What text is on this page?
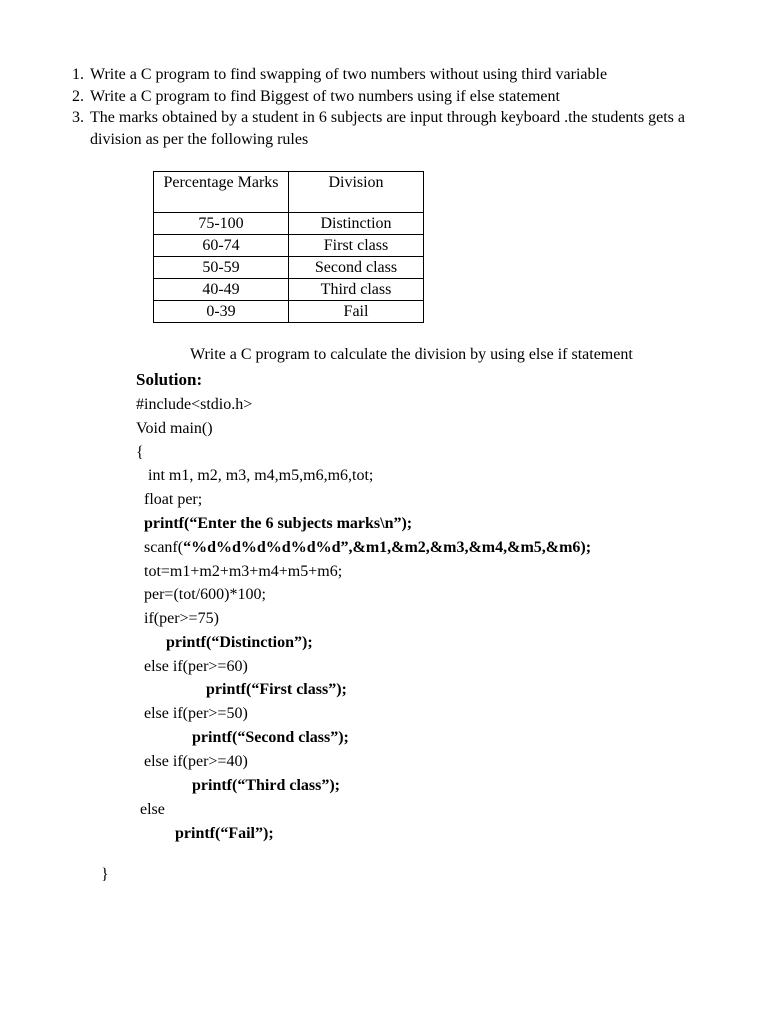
1. Write a C program to find swapping of two numbers without using third variable
2. Write a C program to find Biggest of two numbers using if else statement
3. The marks obtained by a student in 6 subjects are input through keyboard .the students gets a division as per the following rules
Percentage Marks	Division
75-100	Distinction
60-74	First class
50-59	Second class
40-49	Third class
0-39	Fail
Write a C program to calculate the division by using else if statement
Solution:
#include<stdio.h>
Void main()
{
int m1, m2, m3, m4,m5,m6,m6,tot;
float per;
printf(“Enter the 6 subjects marks\n”);
scanf(“%d%d%d%d%d%d”,&m1,&m2,&m3,&m4,&m5,&m6);
tot=m1+m2+m3+m4+m5+m6;
per=(tot/600)*100;
if(per>=75)
printf(“Distinction”);
else if(per>=60)
printf(“First class”);
else if(per>=50)
printf(“Second class”);
else if(per>=40)
printf(“Third class”);
else
printf(“Fail”);
}
